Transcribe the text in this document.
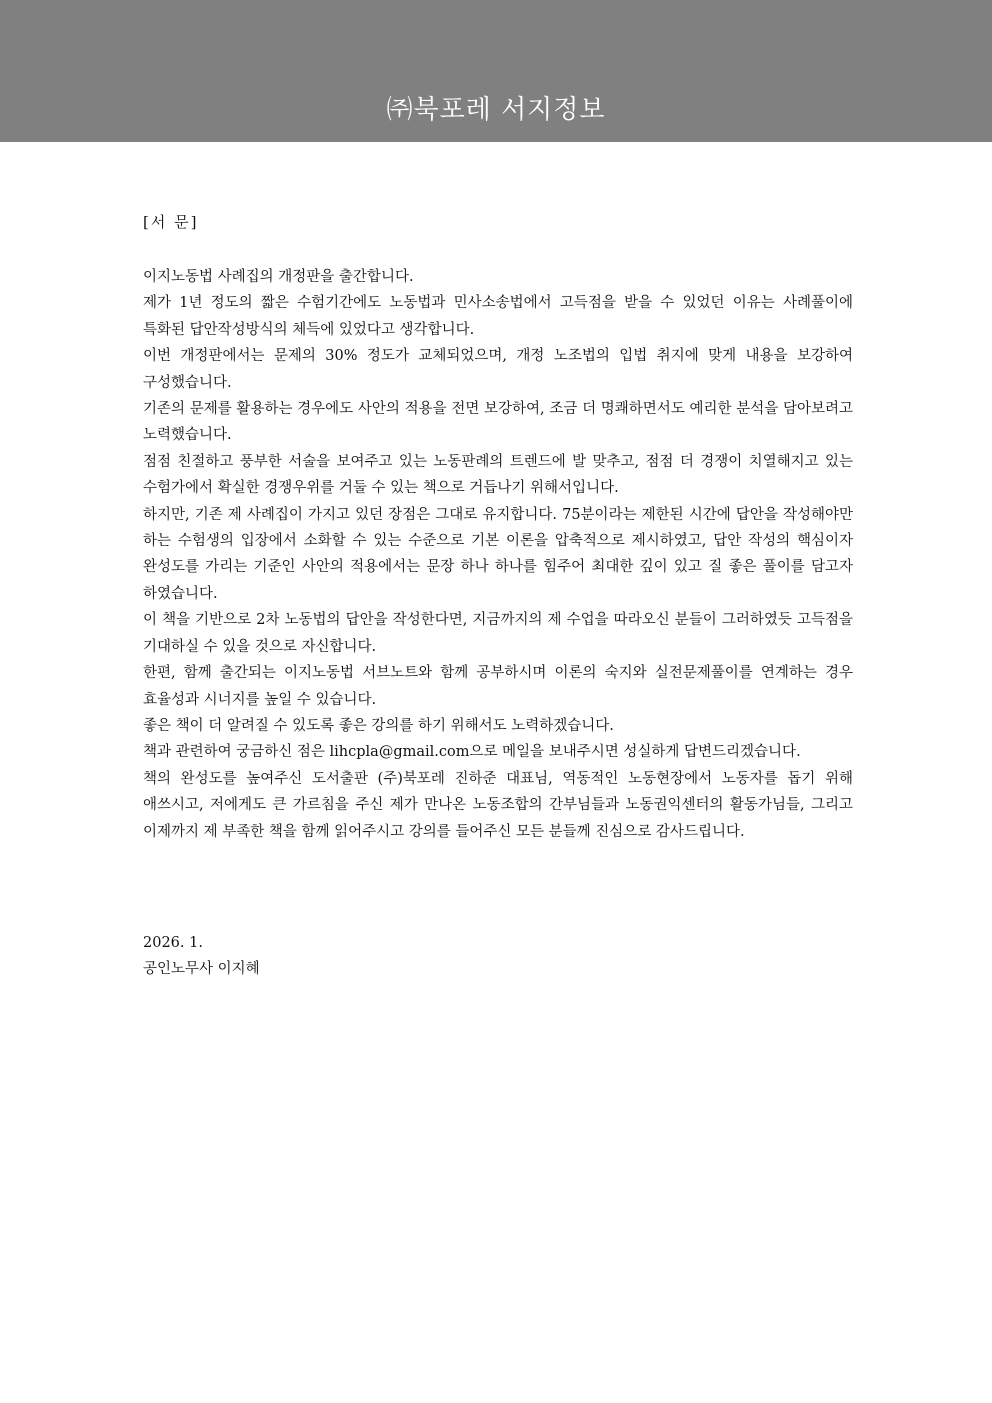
㈜북포레 서지정보

[서 문]

이지노동법 사례집의 개정판을 출간합니다.

제가 1년 정도의 짧은 수험기간에도 노동법과 민사소송법에서 고득점을 받을 수 있었던 이유는 사례풀이에 특화된 답안작성방식의 체득에 있었다고 생각합니다.

이번 개정판에서는 문제의 30% 정도가 교체되었으며, 개정 노조법의 입법 취지에 맞게 내용을 보강하여 구성했습니다.

기존의 문제를 활용하는 경우에도 사안의 적용을 전면 보강하여, 조금 더 명쾌하면서도 예리한 분석을 담아보려고 노력했습니다.

점점 친절하고 풍부한 서술을 보여주고 있는 노동판례의 트렌드에 발 맞추고, 점점 더 경쟁이 치열해지고 있는 수험가에서 확실한 경쟁우위를 거둘 수 있는 책으로 거듭나기 위해서입니다.

하지만, 기존 제 사례집이 가지고 있던 장점은 그대로 유지합니다. 75분이라는 제한된 시간에 답안을 작성해야만 하는 수험생의 입장에서 소화할 수 있는 수준으로 기본 이론을 압축적으로 제시하였고, 답안 작성의 핵심이자 완성도를 가리는 기준인 사안의 적용에서는 문장 하나 하나를 힘주어 최대한 깊이 있고 질 좋은 풀이를 담고자 하였습니다.

이 책을 기반으로 2차 노동법의 답안을 작성한다면, 지금까지의 제 수업을 따라오신 분들이 그러하였듯 고득점을 기대하실 수 있을 것으로 자신합니다.

한편, 함께 출간되는 이지노동법 서브노트와 함께 공부하시며 이론의 숙지와 실전문제풀이를 연계하는 경우 효율성과 시너지를 높일 수 있습니다.

좋은 책이 더 알려질 수 있도록 좋은 강의를 하기 위해서도 노력하겠습니다.

책과 관련하여 궁금하신 점은 lihcpla@gmail.com으로 메일을 보내주시면 성실하게 답변드리겠습니다.

책의 완성도를 높여주신 도서출판 (주)북포레 진하준 대표님, 역동적인 노동현장에서 노동자를 돕기 위해 애쓰시고, 저에게도 큰 가르침을 주신 제가 만나온 노동조합의 간부님들과 노동권익센터의 활동가님들, 그리고 이제까지 제 부족한 책을 함께 읽어주시고 강의를 들어주신 모든 분들께 진심으로 감사드립니다.

2026. 1.

공인노무사 이지혜
